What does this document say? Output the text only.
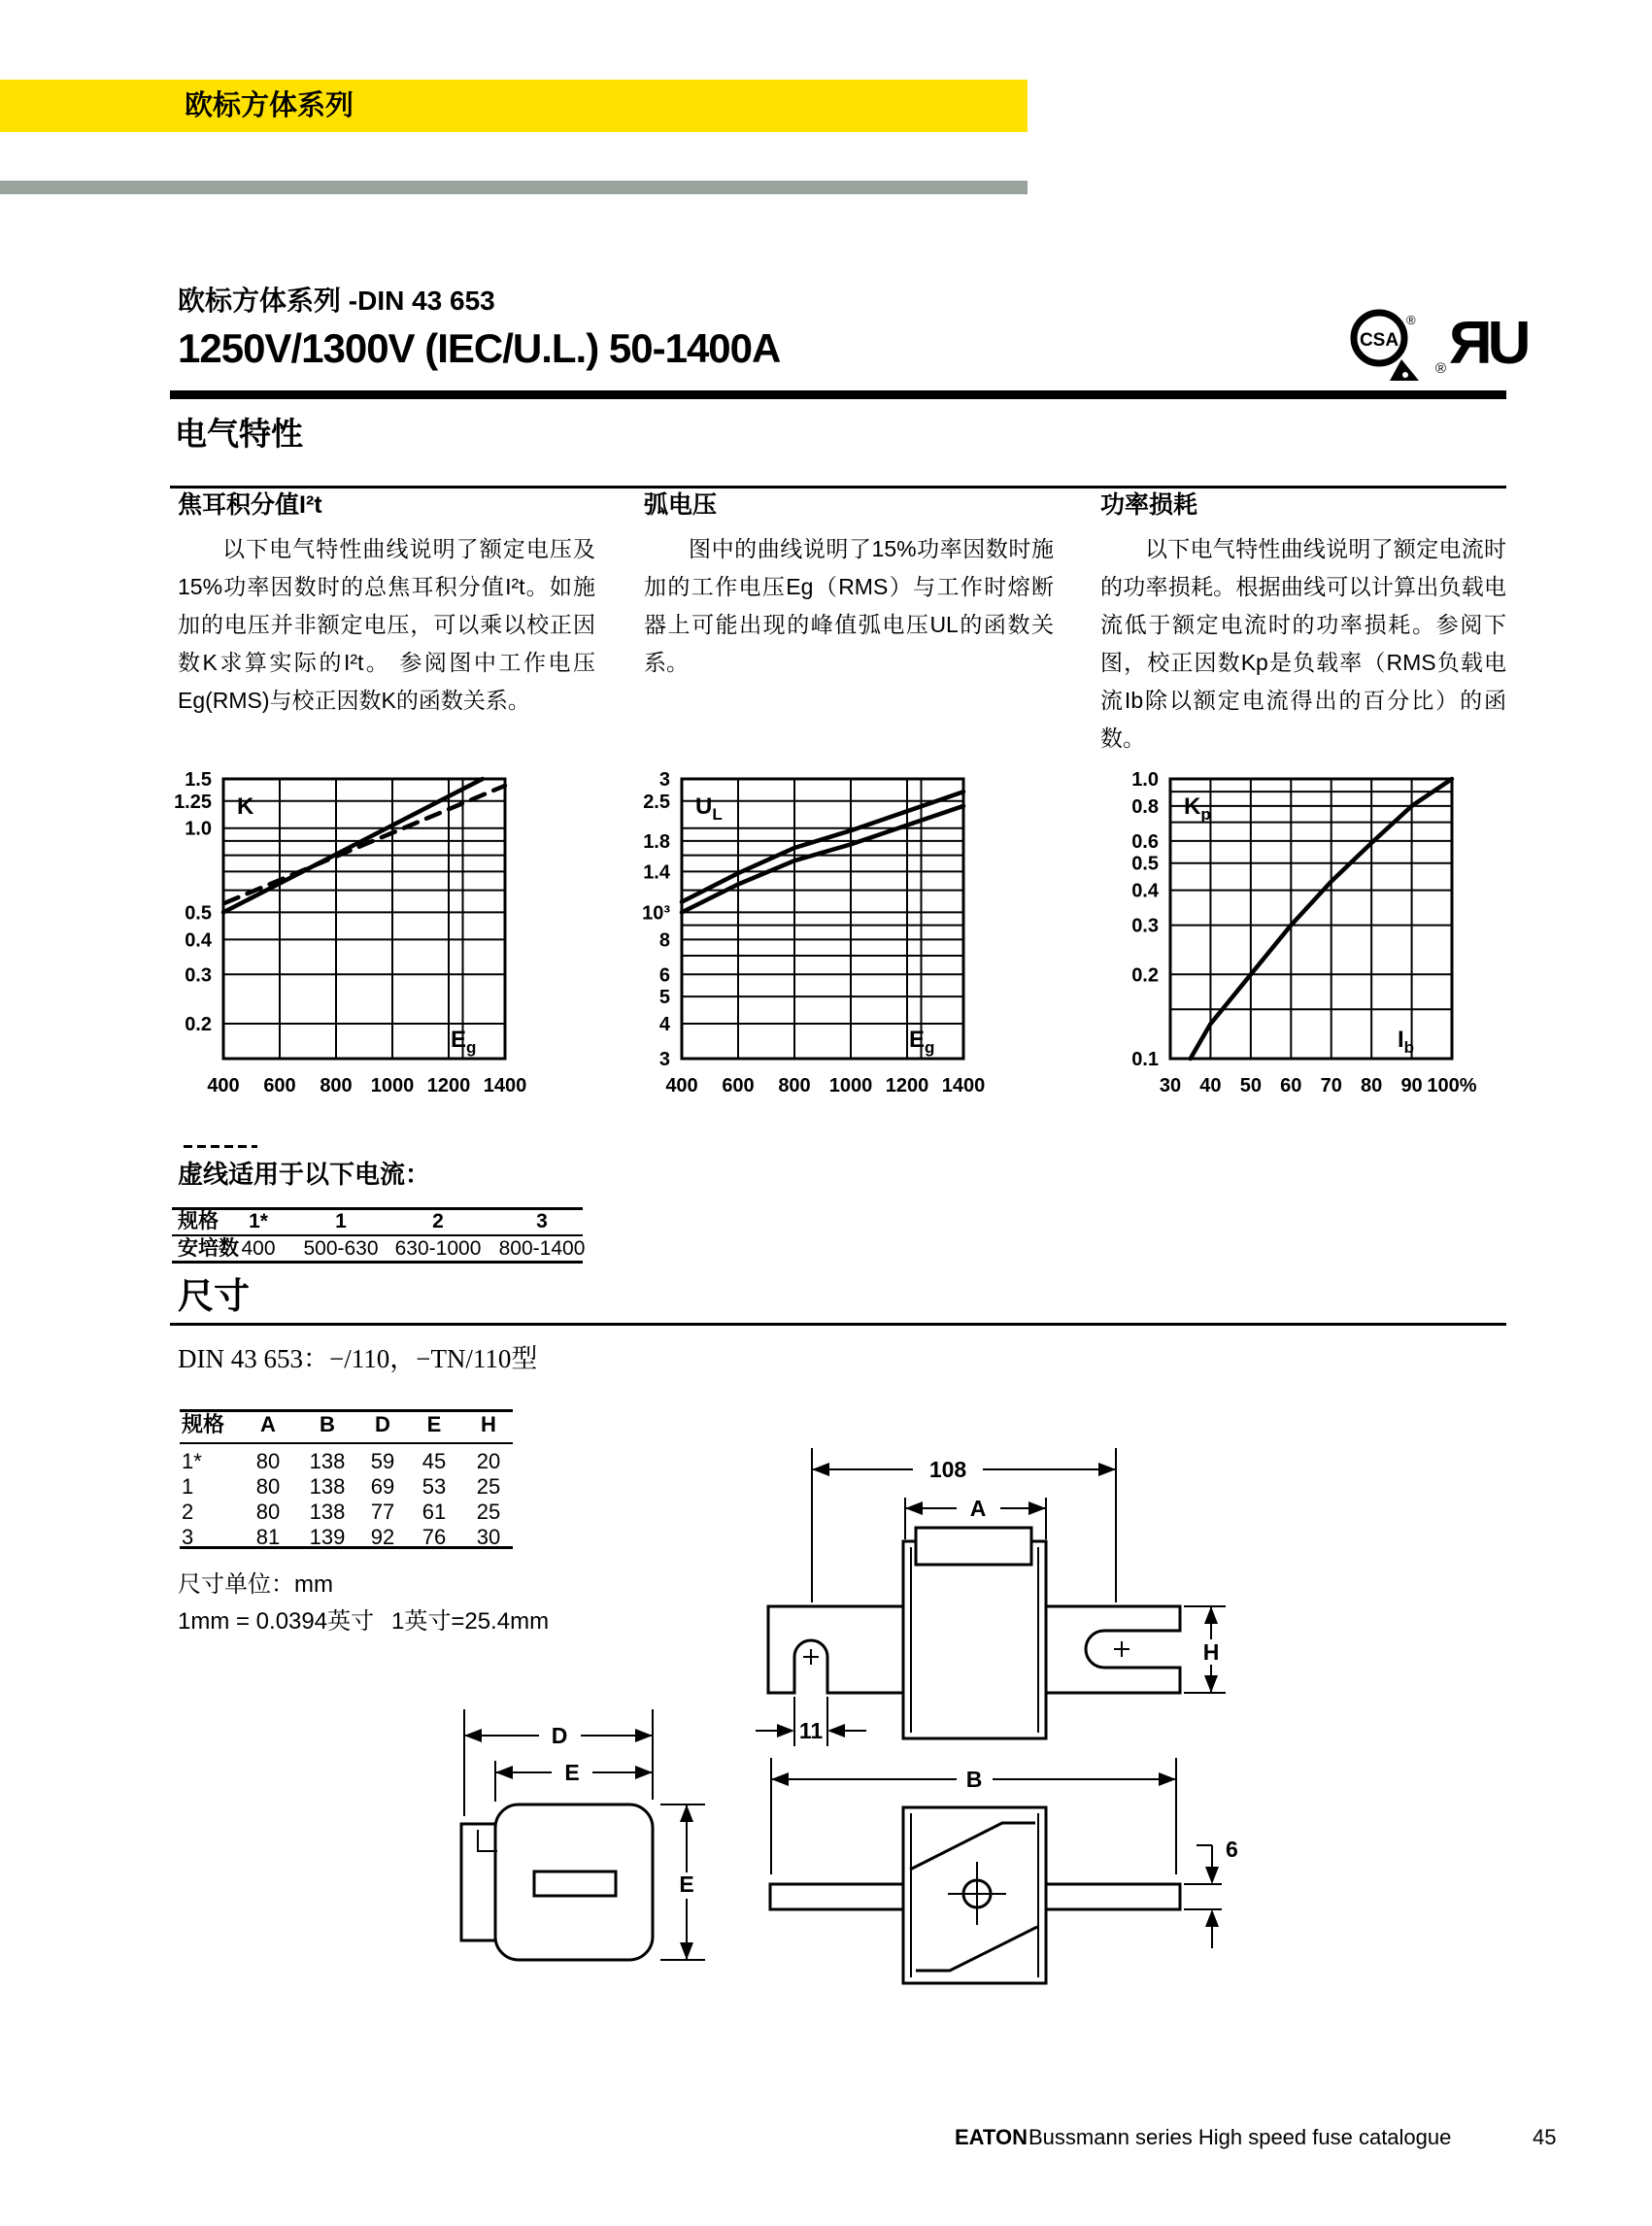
欧标方体系列
欧标方体系列 -DIN 43 653
1250V/1300V (IEC/U.L.) 50-1400A	CSA
® ЯU
®
电气特性
焦耳积分值I²t

以下电气特性曲线说明了额定电压及15%功率因数时的总焦耳积分值I²t。如施加的电压并非额定电压，可以乘以校正因数K求算实际的I²t。 参阅图中工作电压Eg(RMS)与校正因数K的函数关系。

弧电压

图中的曲线说明了15%功率因数时施加的工作电压Eg（RMS）与工作时熔断器上可能出现的峰值弧电压UL的函数关系。

功率损耗

以下电气特性曲线说明了额定电流时的功率损耗。根据曲线可以计算出负载电流低于额定电流时的功率损耗。参阅下图，校正因数Kp是负载率（RMS负载电流Ib除以额定电流得出的百分比）的函数。

1.5
1.25
1.0
0.5
0.4
0.3
0.2
400 600 800 1000 1200 1400
K
$E_g$
3
2.5
1.8
1.4
10³
8
6
5
4
3
400 600 800 1000 1200 1400
$U_L$
$E_g$
1.0
0.8
0.6
0.5
0.4
0.3
0.2
0.1
30 40 50 60 70 80 90 100%
$K_p$
$I_b$
虚线适用于以下电流：
规格 1*	1	2	3
安培数 400 500-630 630-1000 800-1400
尺寸
DIN 43 653：−/110，−TN/110型
尺寸单位：mm
1mm = 0.0394英寸 1英寸=25.4mm
108
A
H
11
D
E
E
B
6
EATON Bussmann series High speed fuse catalogue	45
规格 A B D E H
1*	80 138 59 45 20
1	80 138 69 53 25
2	80 138 77 61 25
3	81 139 92 76 30
